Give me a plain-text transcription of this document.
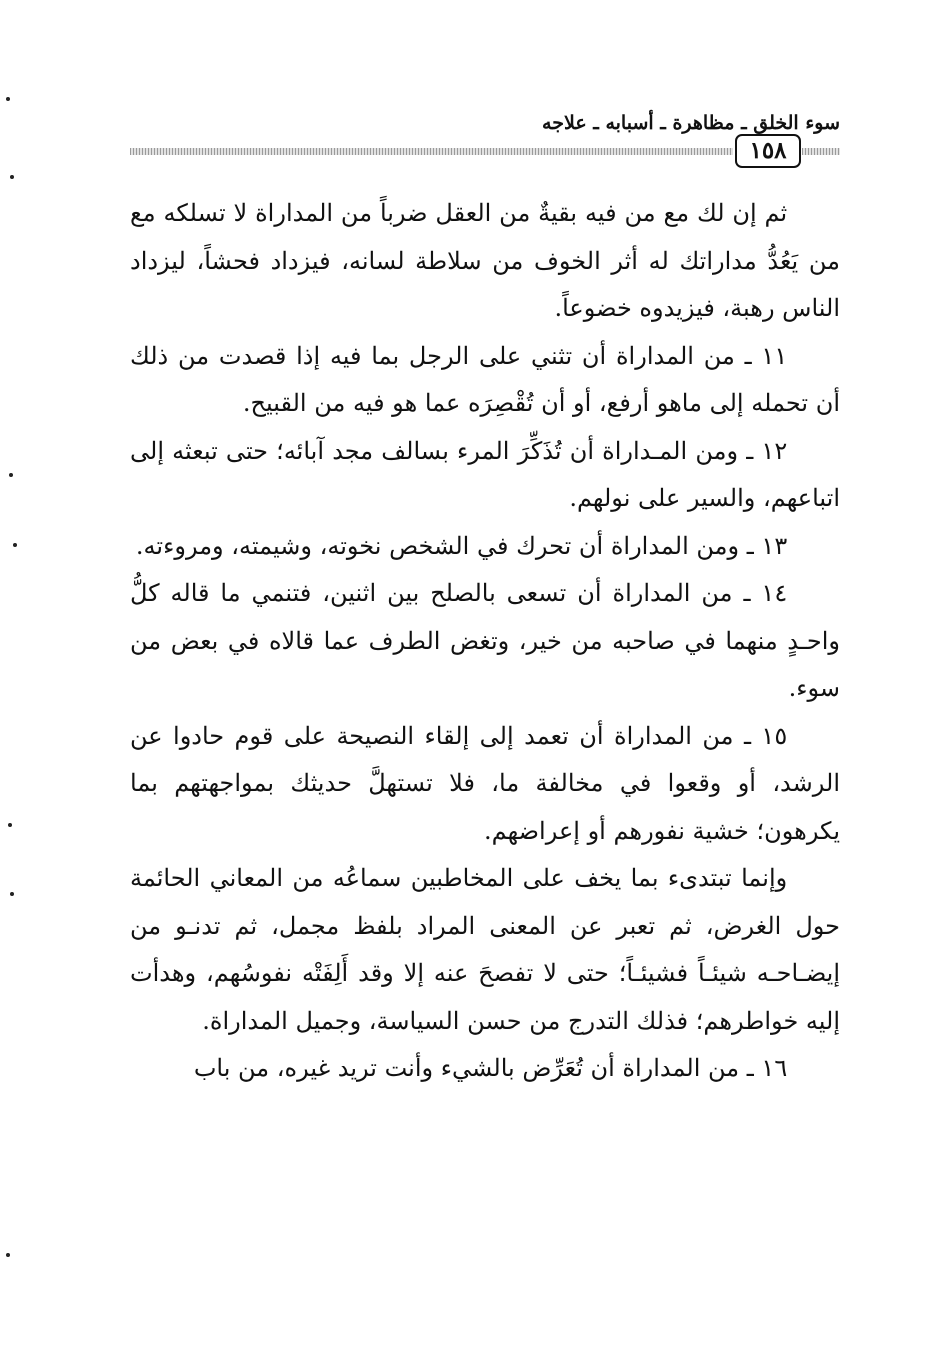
سوء الخلق ـ مظاهرة ـ أسبابه ـ علاجه
١٥٨

ثم إن لك مع من فيه بقيةٌ من العقل ضرباً من المداراة لا تسلكه مع من يَعُدُّ مداراتك له أثر الخوف من سلاطة لسانه، فيزداد فحشاً، ليزداد الناس رهبة، فيزيدوه خضوعاً.

١١ ـ من المداراة أن تثني على الرجل بما فيه إذا قصدت من ذلك أن تحمله إلى ماهو أرفع، أو أن تُقْصِرَه عما هو فيه من القبيح.

١٢ ـ ومن المـداراة أن تُذَكِّرَ المرء بسالف مجد آبائه؛ حتى تبعثه إلى اتباعهم، والسير على نولهم.

١٣ ـ ومن المداراة أن تحرك في الشخص نخوته، وشيمته، ومروءته.

١٤ ـ من المداراة أن تسعى بالصلح بين اثنين، فتنمي ما قاله كلُّ واحـدٍ منهما في صاحبه من خير، وتغض الطرف عما قالاه في بعض من سوء.

١٥ ـ من المداراة أن تعمد إلى إلقاء النصيحة على قوم حادوا عن الرشد، أو وقعوا في مخالفة ما، فلا تستهلَّ حديثك بمواجهتهم بما يكرهون؛ خشية نفورهم أو إعراضهم.

وإنما تبتدىء بما يخف على المخاطبين سماعُه من المعاني الحائمة حول الغرض، ثم تعبر عن المعنى المراد بلفظ مجمل، ثم تدنـو من إيضـاحـه شيئـاً فشيئـاً؛ حتى لا تفصحَ عنه إلا وقد أَلِفَتْه نفوسُهم، وهدأت إليه خواطرهم؛ فذلك التدرج من حسن السياسة، وجميل المداراة.

١٦ ـ من المداراة أن تُعَرِّض بالشيء وأنت تريد غيره، من باب
